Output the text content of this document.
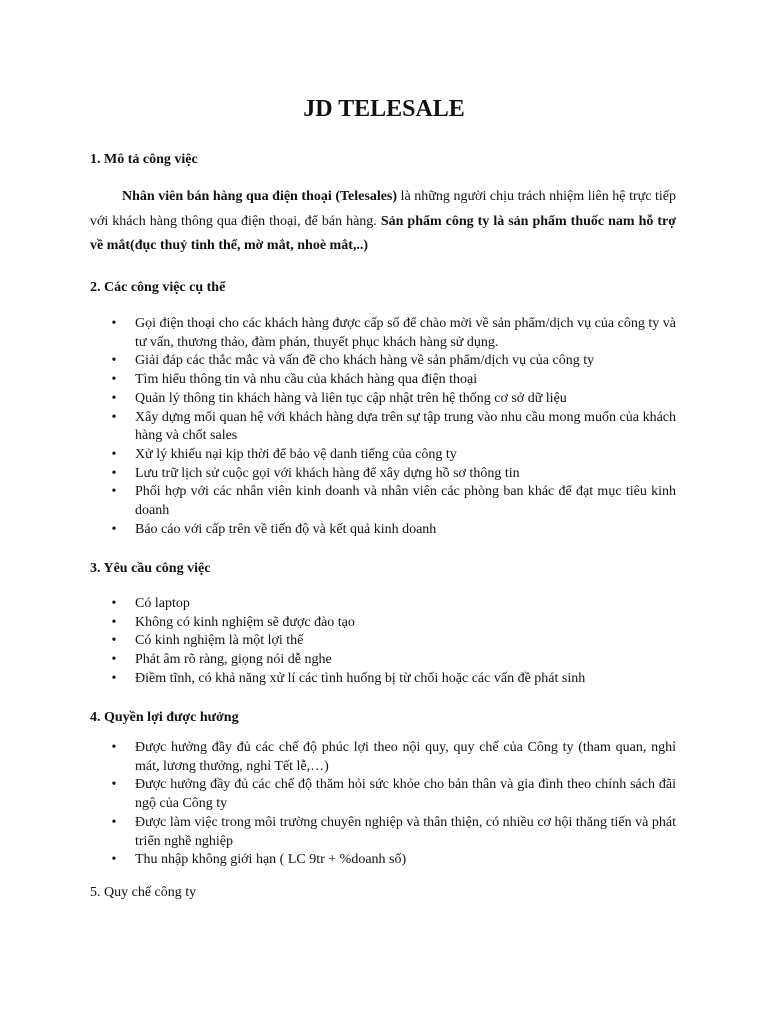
JD TELESALE

1. Mô tả công việc

Nhân viên bán hàng qua điện thoại (Telesales) là những người chịu trách nhiệm liên hệ trực tiếp với khách hàng thông qua điện thoại, để bán hàng. Sản phẩm công ty là sản phẩm thuốc nam hỗ trợ về mắt(đục thuỷ tinh thể, mờ mắt, nhoè mắt,..)

2. Các công việc cụ thể

• Gọi điện thoại cho các khách hàng được cấp số để chào mời về sản phẩm/dịch vụ của công ty và tư vấn, thương thảo, đàm phán, thuyết phục khách hàng sử dụng.
• Giải đáp các thắc mắc và vấn đề cho khách hàng về sản phẩm/dịch vụ của công ty
• Tìm hiểu thông tin và nhu cầu của khách hàng qua điện thoại
• Quản lý thông tin khách hàng và liên tục cập nhật trên hệ thống cơ sở dữ liệu
• Xây dựng mối quan hệ với khách hàng dựa trên sự tập trung vào nhu cầu mong muốn của khách hàng và chốt sales
• Xử lý khiếu nại kịp thời để bảo vệ danh tiếng của công ty
• Lưu trữ lịch sử cuộc gọi với khách hàng để xây dựng hồ sơ thông tin
• Phối hợp với các nhân viên kinh doanh và nhân viên các phòng ban khác để đạt mục tiêu kinh doanh
• Báo cáo với cấp trên về tiến độ và kết quả kinh doanh

3. Yêu cầu công việc

• Có laptop
• Không có kinh nghiệm sẽ được đào tạo
• Có kinh nghiệm là một lợi thế
• Phát âm rõ ràng, giọng nói dễ nghe
• Điềm tĩnh, có khả năng xử lí các tình huống bị từ chối hoặc các vấn đề phát sinh

4. Quyền lợi được hưởng

• Được hưởng đầy đủ các chế độ phúc lợi theo nội quy, quy chế của Công ty (tham quan, nghỉ mát, lương thưởng, nghỉ Tết lễ,…)
• Được hưởng đầy đủ các chế độ thăm hỏi sức khỏe cho bản thân và gia đình theo chính sách đãi ngộ của Công ty
• Được làm việc trong môi trường chuyên nghiệp và thân thiện, có nhiều cơ hội thăng tiến và phát triển nghề nghiệp
• Thu nhập không giới hạn ( LC 9tr + %doanh số)

5. Quy chế công ty
